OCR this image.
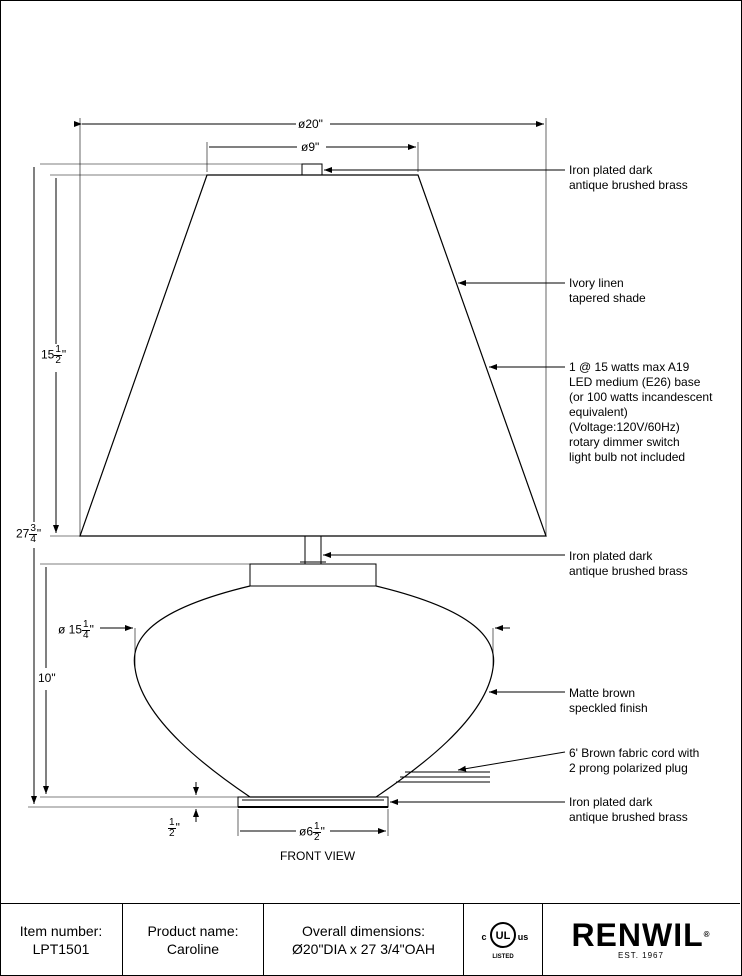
ø20"
ø9"
$15 \frac{1}{2}$ "
$27 \frac{3}{4}$ "
ø $15 \frac{1}{4}$ "
10"
$\frac{1}{2}$ "	ø6 $\frac{1}{2}$ "
Iron plated dark
antique brushed brass
Ivory linen
tapered shade
1 @ 15 watts max A19
LED medium (E26) base
(or 100 watts incandescent
equivalent)
(Voltage:120V/60Hz)
rotary dimmer switch
light bulb not included
Iron plated dark
antique brushed brass
Matte brown
speckled finish
6' Brown fabric cord with
2 prong polarized plug
Iron plated dark
antique brushed brass
FRONT VIEW
Item number:
LPT1501
Product name:
Caroline
Overall dimensions:
Ø20"DIA x 27 3/4"OAH
UL
c	us
LISTED
RENWIL®
EST. 1967
